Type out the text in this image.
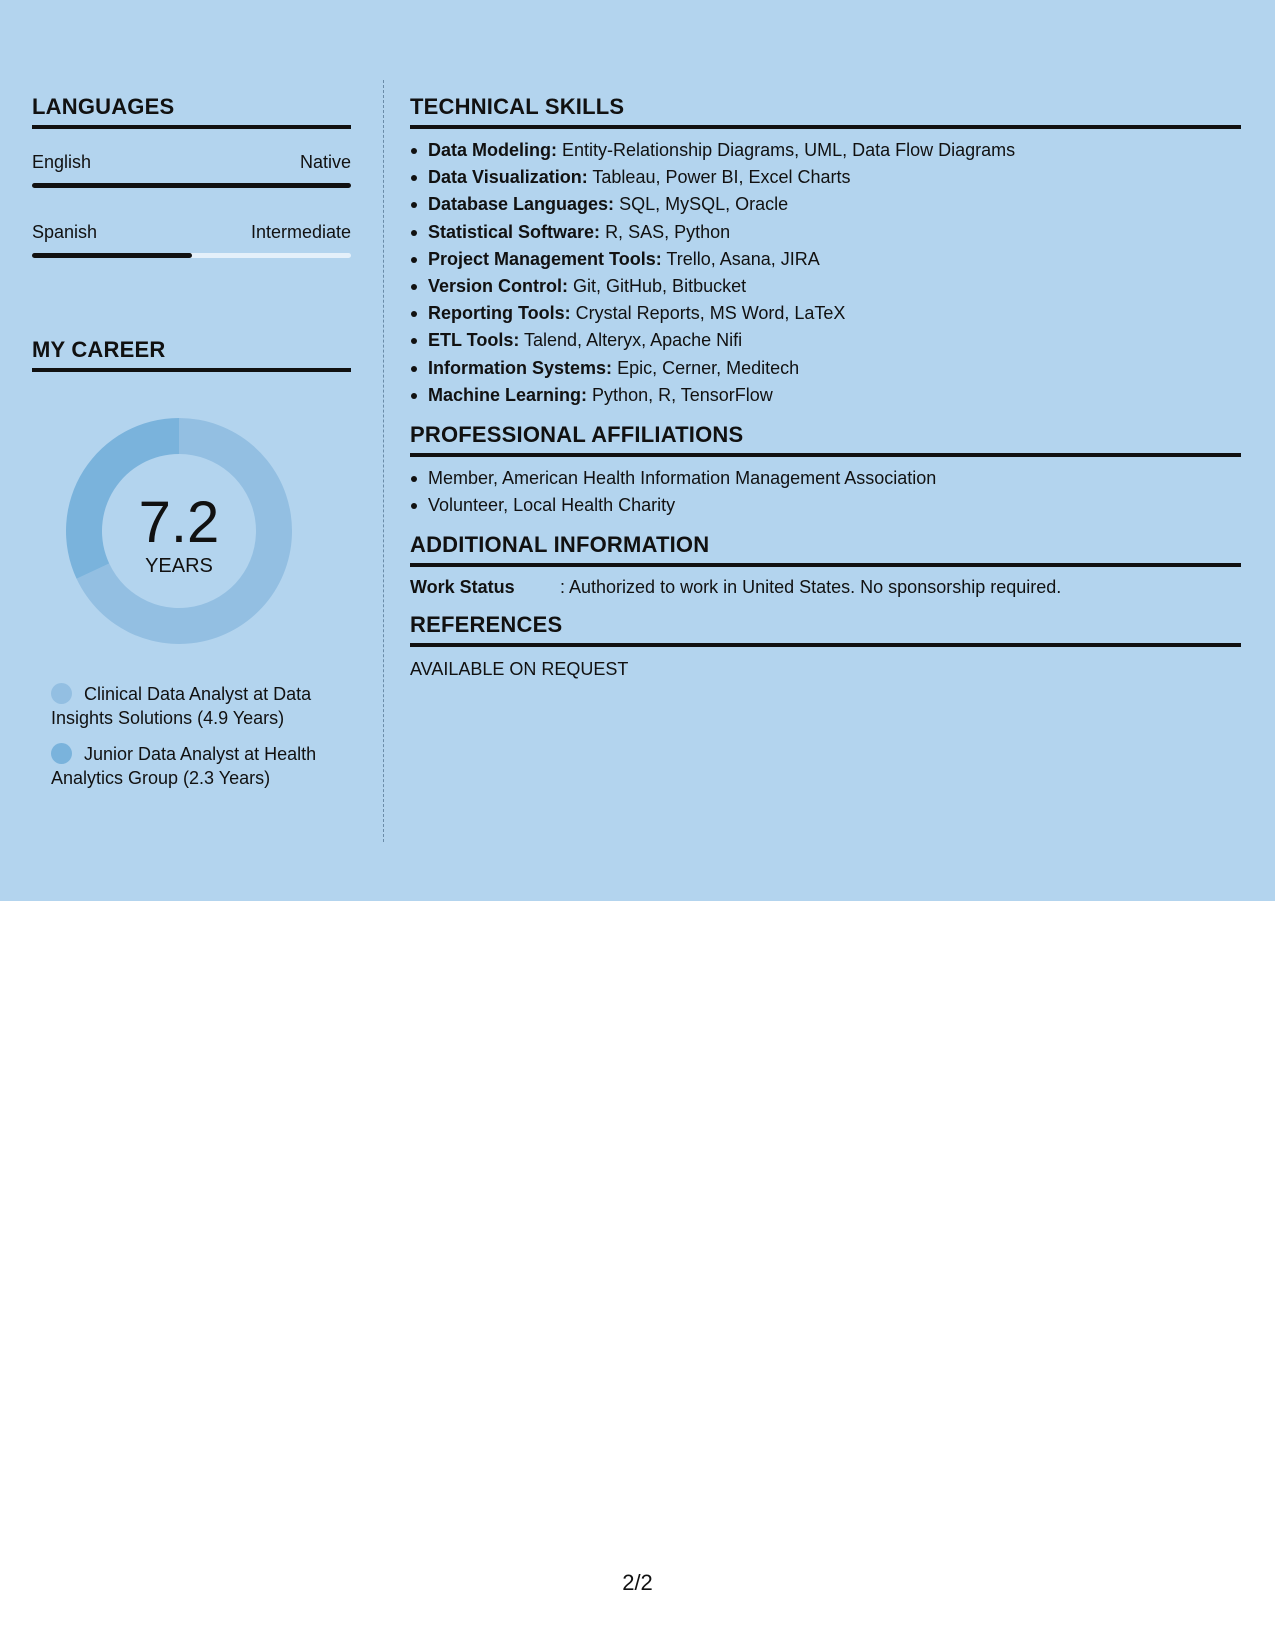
LANGUAGES
English	Native
Spanish	Intermediate
MY CAREER
7.2
YEARS
Clinical Data Analyst at Data Insights Solutions (4.9 Years)
Junior Data Analyst at Health Analytics Group (2.3 Years)
TECHNICAL SKILLS
Data Modeling: Entity-Relationship Diagrams, UML, Data Flow Diagrams
Data Visualization: Tableau, Power BI, Excel Charts
Database Languages: SQL, MySQL, Oracle
Statistical Software: R, SAS, Python
Project Management Tools: Trello, Asana, JIRA
Version Control: Git, GitHub, Bitbucket
Reporting Tools: Crystal Reports, MS Word, LaTeX
ETL Tools: Talend, Alteryx, Apache Nifi
Information Systems: Epic, Cerner, Meditech
Machine Learning: Python, R, TensorFlow
PROFESSIONAL AFFILIATIONS
Member, American Health Information Management Association
Volunteer, Local Health Charity
ADDITIONAL INFORMATION
Work Status	: Authorized to work in United States. No sponsorship required.
REFERENCES
AVAILABLE ON REQUEST
2/2
